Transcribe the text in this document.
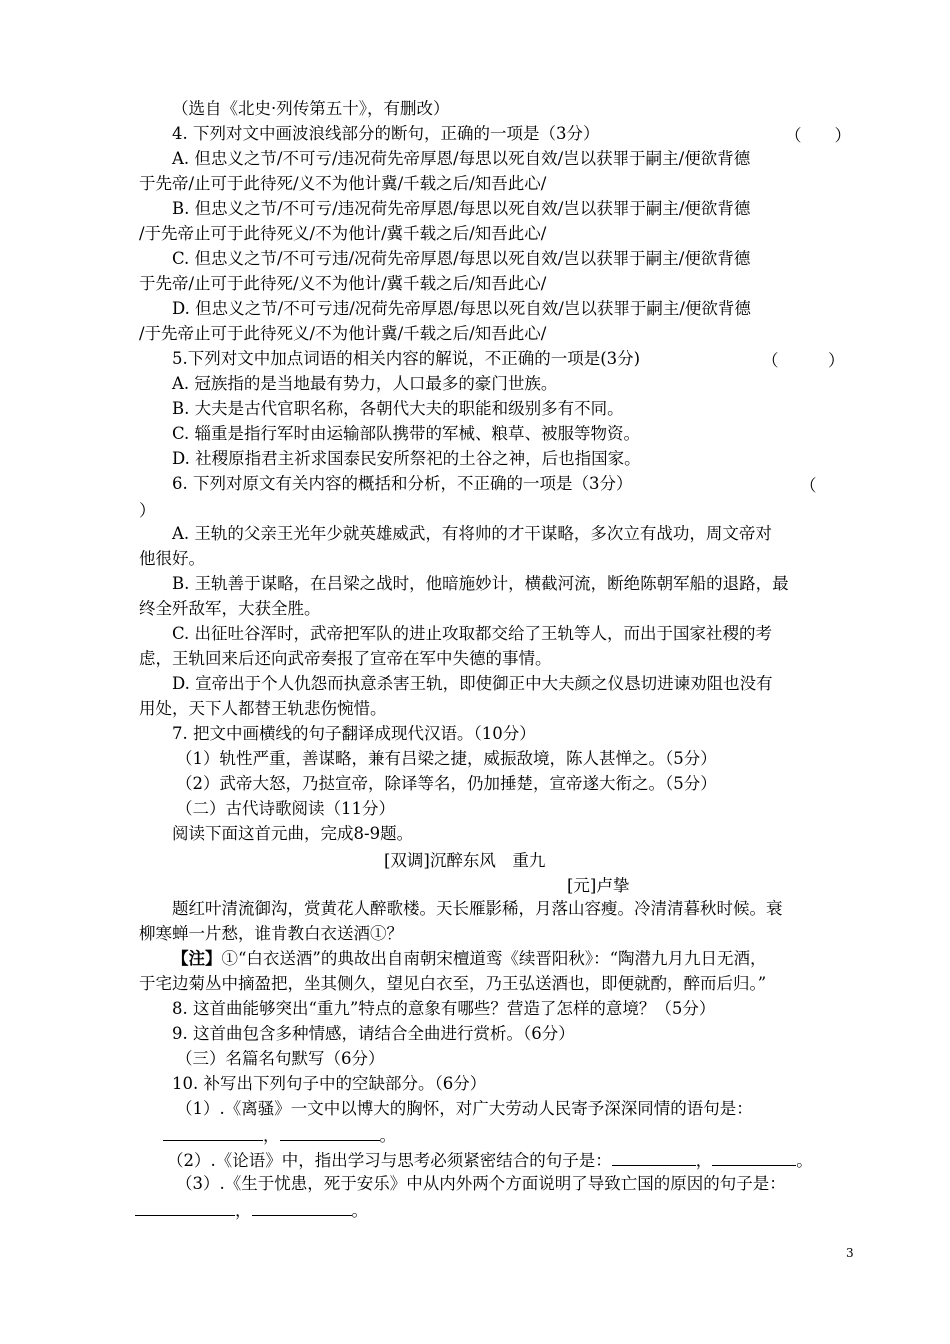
（选自《北史·列传第五十》，有删改）
4. 下列对文中画波浪线部分的断句，正确的一项是（3分）	（　　）
A. 但忠义之节/不可亏/违况荷先帝厚恩/每思以死自效/岂以获罪于嗣主/便欲背德
于先帝/止可于此待死/义不为他计冀/千载之后/知吾此心/
B. 但忠义之节/不可亏/违况荷先帝厚恩/每思以死自效/岂以获罪于嗣主/便欲背德
/于先帝止可于此待死义/不为他计/冀千载之后/知吾此心/
C. 但忠义之节/不可亏违/况荷先帝厚恩/每思以死自效/岂以获罪于嗣主/便欲背德
于先帝/止可于此待死/义不为他计/冀千载之后/知吾此心/
D. 但忠义之节/不可亏违/况荷先帝厚恩/每思以死自效/岂以获罪于嗣主/便欲背德
/于先帝止可于此待死义/不为他计冀/千载之后/知吾此心/
5.下列对文中加点词语的相关内容的解说，不正确的一项是(3分)	（　　　）
A. 冠族指的是当地最有势力，人口最多的豪门世族。
B. 大夫是古代官职名称，各朝代大夫的职能和级别多有不同。
C. 辎重是指行军时由运输部队携带的军械、粮草、被服等物资。
D. 社稷原指君主祈求国泰民安所祭祀的土谷之神，后也指国家。
6. 下列对原文有关内容的概括和分析，不正确的一项是（3分）	（
）
A. 王轨的父亲王光年少就英雄威武，有将帅的才干谋略，多次立有战功，周文帝对
他很好。
B. 王轨善于谋略，在吕梁之战时，他暗施妙计，横截河流，断绝陈朝军船的退路，最
终全歼敌军，大获全胜。
C. 出征吐谷浑时，武帝把军队的进止攻取都交给了王轨等人，而出于国家社稷的考
虑，王轨回来后还向武帝奏报了宣帝在军中失德的事情。
D. 宣帝出于个人仇怨而执意杀害王轨，即使御正中大夫颜之仪恳切进谏劝阻也没有
用处，天下人都替王轨悲伤惋惜。
7. 把文中画横线的句子翻译成现代汉语。（10分）
（1）轨性严重，善谋略，兼有吕梁之捷，威振敌境，陈人甚惮之。（5分）
（2）武帝大怒，乃挞宣帝，除译等名，仍加捶楚，宣帝遂大衔之。（5分）
（二）古代诗歌阅读（11分）
阅读下面这首元曲，完成8-9题。
[双调]沉醉东风　重九
[元]卢挚
题红叶清流御沟，赏黄花人醉歌楼。天长雁影稀，月落山容瘦。冷清清暮秋时候。衰
柳寒蝉一片愁，谁肯教白衣送酒①？
【注】①“白衣送酒”的典故出自南朝宋檀道鸾《续晋阳秋》：“陶潜九月九日无酒，
于宅边菊丛中摘盈把，坐其侧久，望见白衣至，乃王弘送酒也，即便就酌，醉而后归。”
8. 这首曲能够突出“重九”特点的意象有哪些？营造了怎样的意境？（5分）
9. 这首曲包含多种情感，请结合全曲进行赏析。（6分）
（三）名篇名句默写（6分）
10. 补写出下列句子中的空缺部分。（6分）
（1）.《离骚》一文中以博大的胸怀，对广大劳动人民寄予深深同情的语句是：
，	。
（2）.《论语》中，指出学习与思考必须紧密结合的句子是：	，	。
（3）.《生于忧患，死于安乐》中从内外两个方面说明了导致亡国的原因的句子是：
，	。
3
